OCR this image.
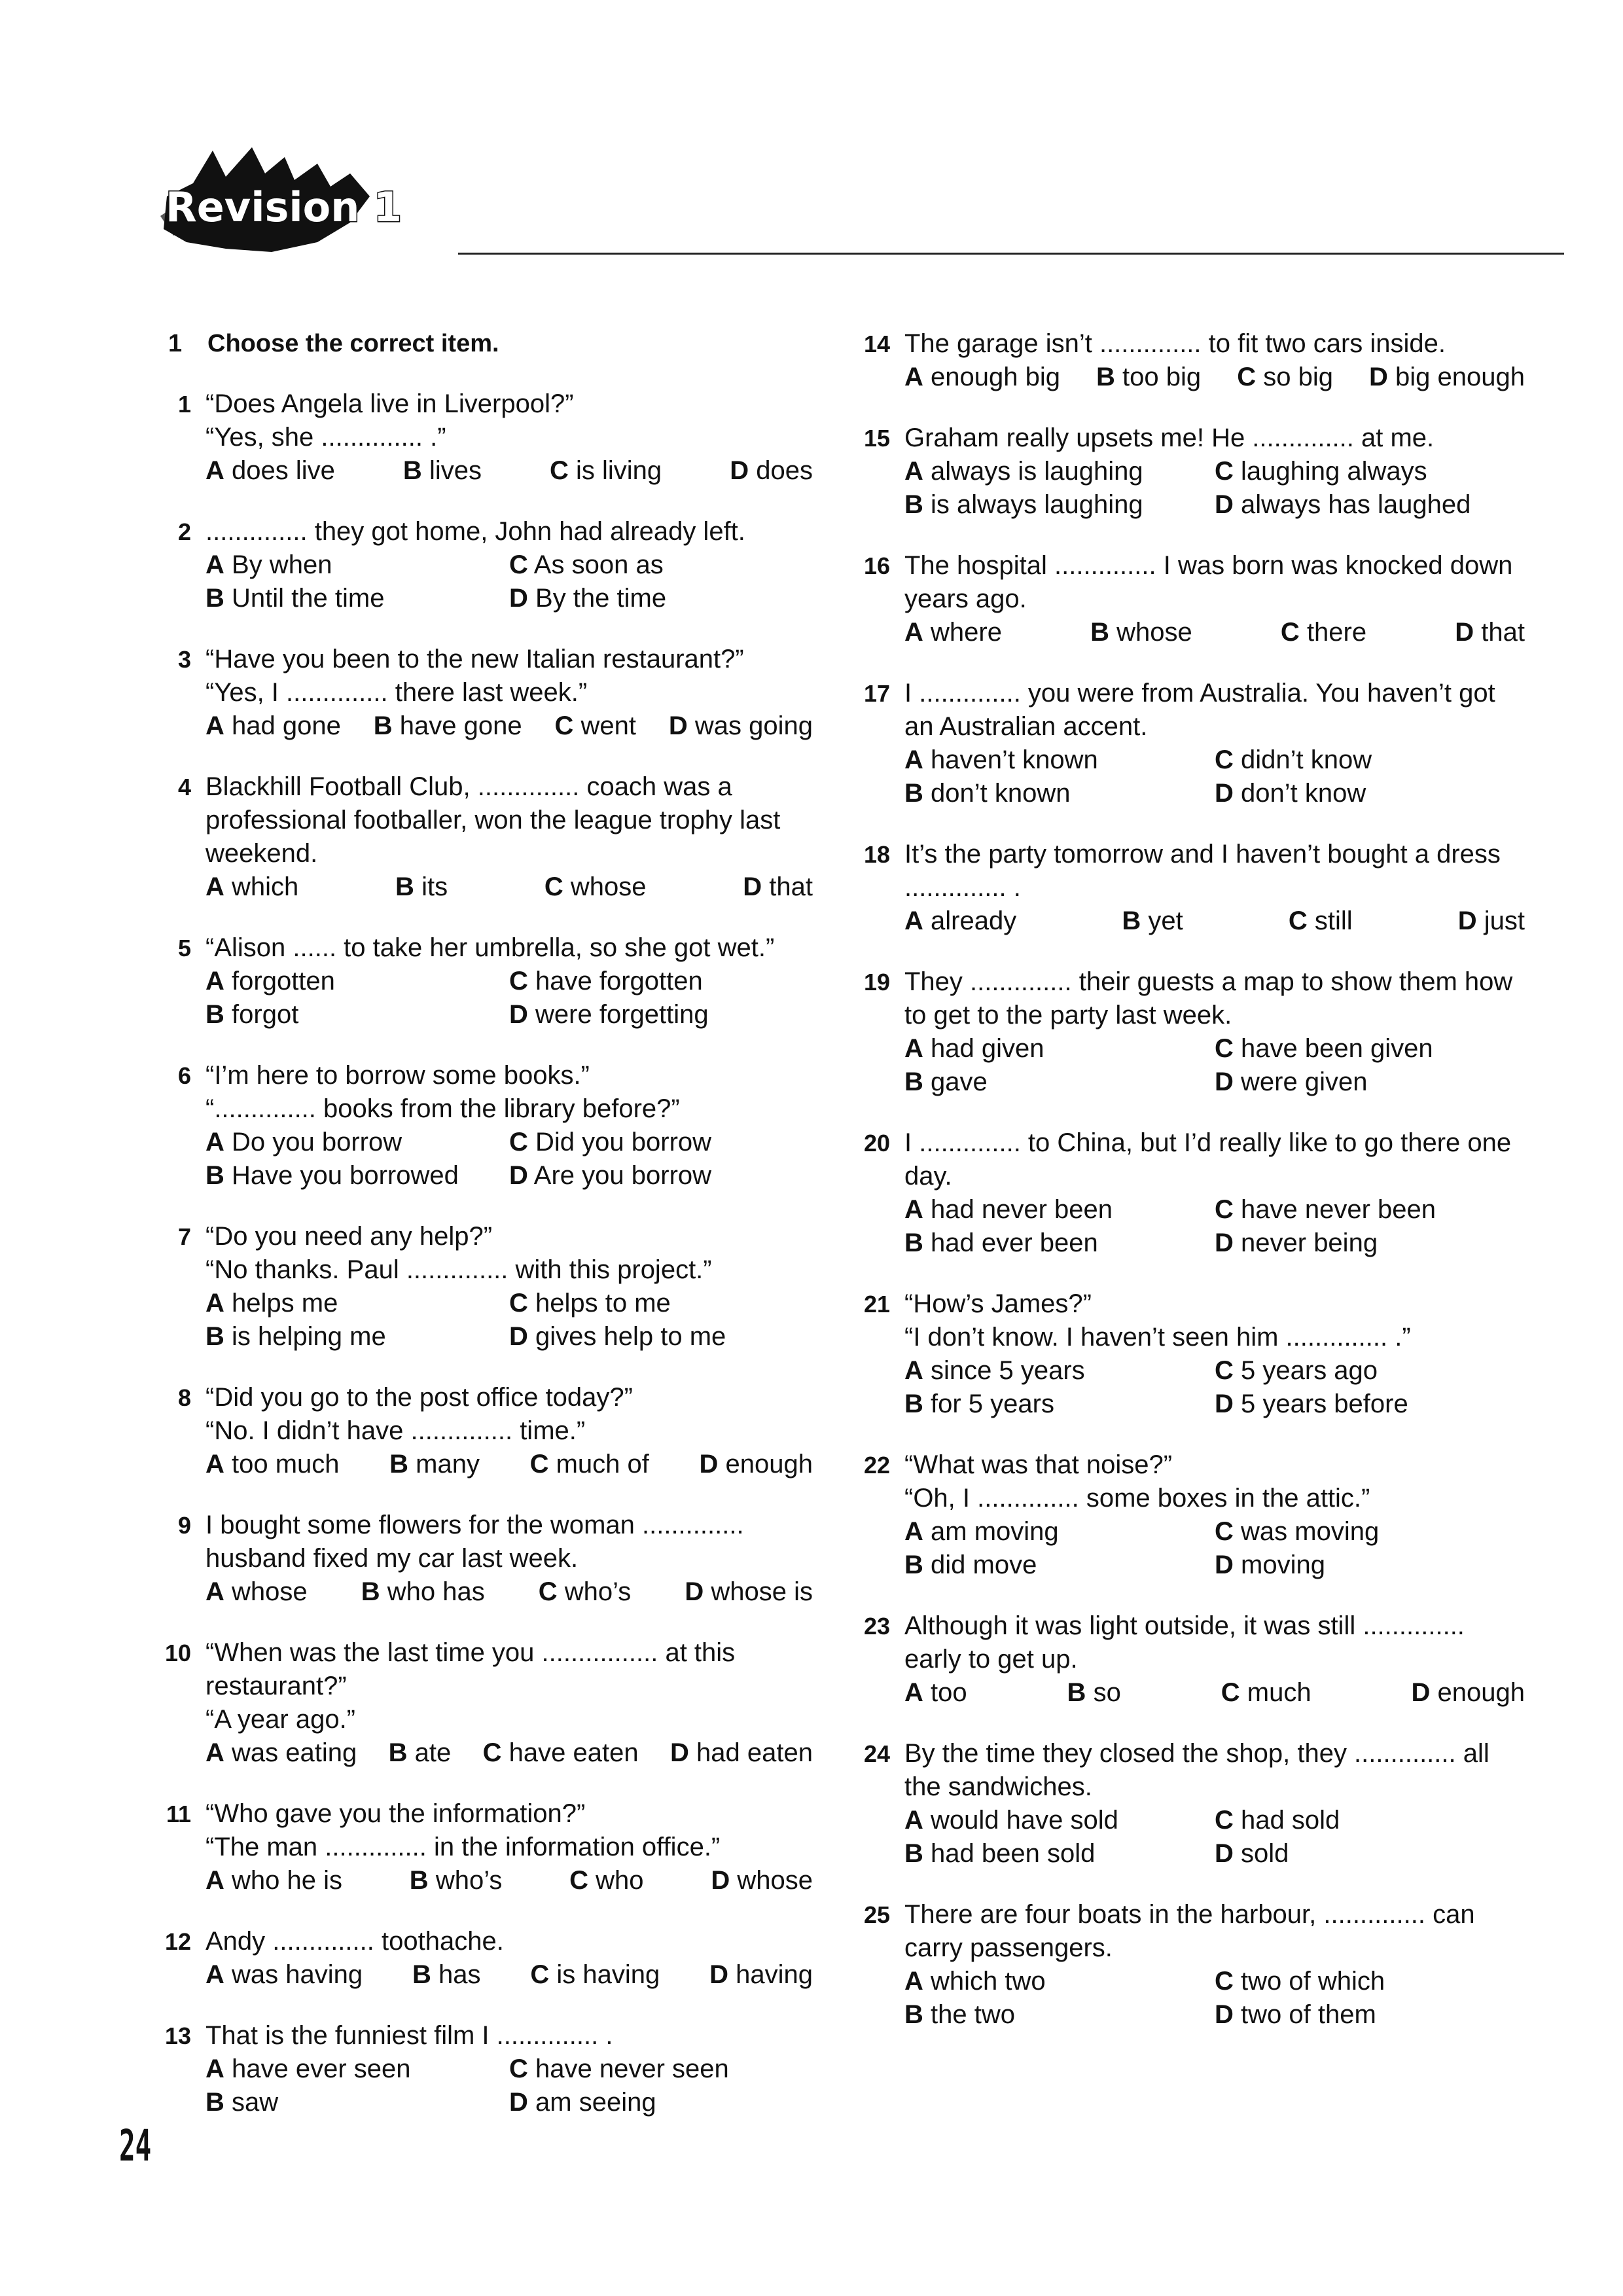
Revision 1
1 Choose the correct item.
1 “Does Angela live in Liverpool?”
“Yes, she .............. .”
A does live	B lives	C is living	D does
2 .............. they got home, John had already left.
A By when	C As soon as
B Until the time	D By the time
3 “Have you been to the new Italian restaurant?”
“Yes, I .............. there last week.”
A had gone B have gone C went D was going
4 Blackhill Football Club, .............. coach was a professional footballer, won the league trophy last weekend.
A which	B its	C whose	D that
5 “Alison ...... to take her umbrella, so she got wet.”
A forgotten	C have forgotten
B forgot	D were forgetting
6 “I’m here to borrow some books.”
“.............. books from the library before?”
A Do you borrow	C Did you borrow
B Have you borrowed	D Are you borrow
7 “Do you need any help?”
“No thanks. Paul .............. with this project.”
A helps me	C helps to me
B is helping me	D gives help to me
8 “Did you go to the post office today?”
“No. I didn’t have .............. time.”
A too much B many C much of D enough
9 I bought some flowers for the woman .............. husband fixed my car last week.
A whose B who has C who’s D whose is
10 “When was the last time you ................ at this restaurant?”
“A year ago.”
A was eating B ate C have eaten D had eaten
11 “Who gave you the information?”
“The man .............. in the information office.”
A who he is	B who’s	C who	D whose
12 Andy .............. toothache.
A was having B has C is having D having
13 That is the funniest film I .............. .
A have ever seen	C have never seen
B saw	D am seeing
14 The garage isn’t .............. to fit two cars inside.
A enough big B too big C so big D big enough
15 Graham really upsets me! He .............. at me.
A always is laughing	C laughing always
B is always laughing	D always has laughed
16 The hospital .............. I was born was knocked down years ago.
A where	B whose	C there	D that
17 I .............. you were from Australia. You haven’t got an Australian accent.
A haven’t known	C didn’t know
B don’t known	D don’t know
18 It’s the party tomorrow and I haven’t bought a dress .............. .
A already	B yet	C still	D just
19 They .............. their guests a map to show them how to get to the party last week.
A had given	C have been given
B gave	D were given
20 I .............. to China, but I’d really like to go there one day.
A had never been	C have never been
B had ever been	D never being
21 “How’s James?”
“I don’t know. I haven’t seen him .............. .”
A since 5 years	C 5 years ago
B for 5 years	D 5 years before
22 “What was that noise?”
“Oh, I .............. some boxes in the attic.”
A am moving	C was moving
B did move	D moving
23 Although it was light outside, it was still .............. early to get up.
A too	B so	C much	D enough
24 By the time they closed the shop, they .............. all the sandwiches.
A would have sold	C had sold
B had been sold	D sold
25 There are four boats in the harbour, .............. can carry passengers.
A which two	C two of which
B the two	D two of them
24
